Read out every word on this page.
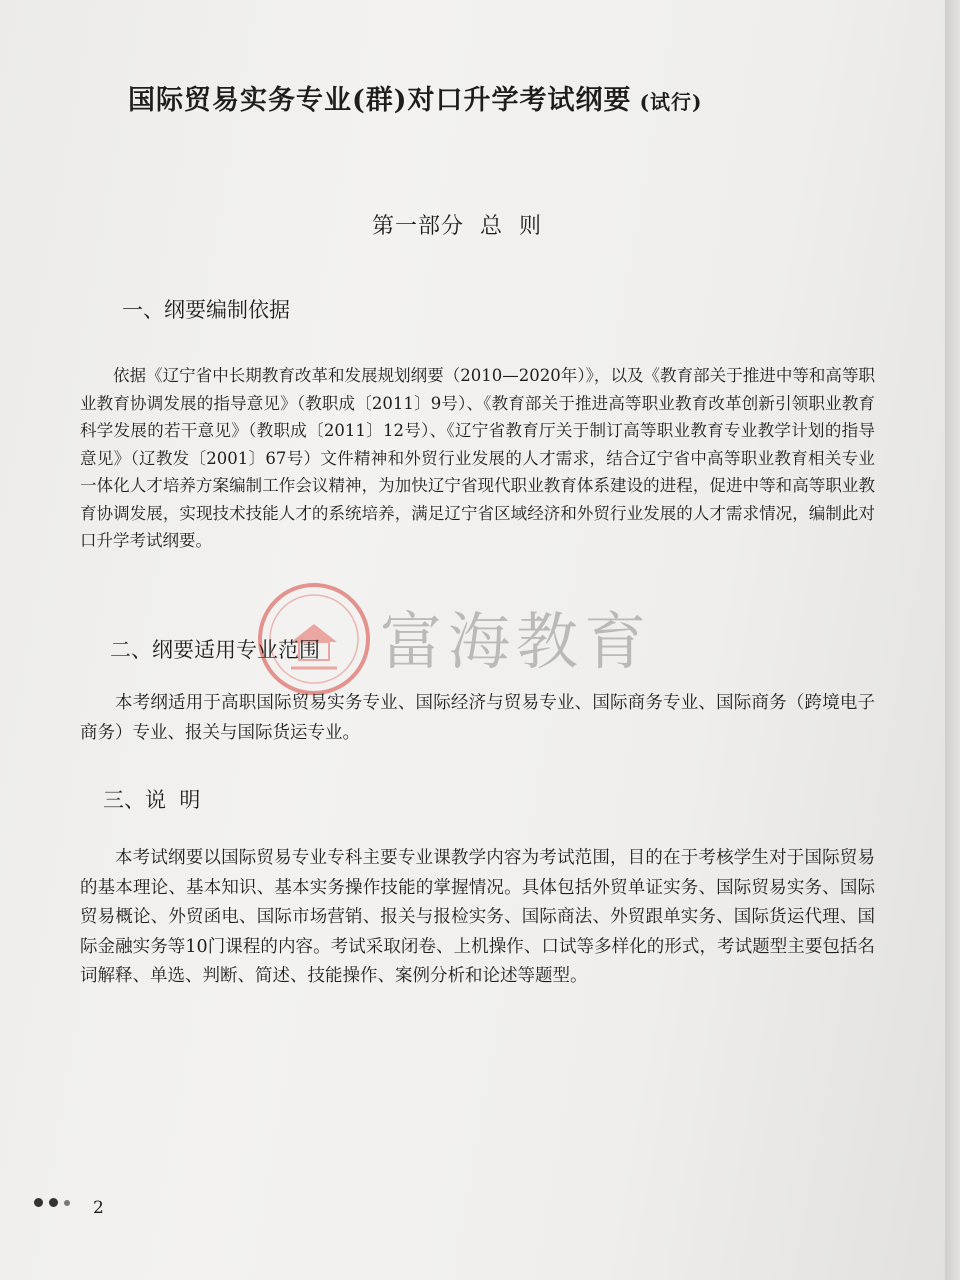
国际贸易实务专业(群)对口升学考试纲要 (试行)
第一部分  总  则
一、纲要编制依据
依据《辽宁省中长期教育改革和发展规划纲要（2010—2020年）》，以及《教育部关于推进中等和高等职业教育协调发展的指导意见》（教职成〔2011〕9号）、《教育部关于推进高等职业教育改革创新引领职业教育科学发展的若干意见》（教职成〔2011〕12号）、《辽宁省教育厅关于制订高等职业教育专业教学计划的指导意见》（辽教发〔2001〕67号）文件精神和外贸行业发展的人才需求，结合辽宁省中高等职业教育相关专业一体化人才培养方案编制工作会议精神，为加快辽宁省现代职业教育体系建设的进程，促进中等和高等职业教育协调发展，实现技术技能人才的系统培养，满足辽宁省区域经济和外贸行业发展的人才需求情况，编制此对口升学考试纲要。
富海教育
二、纲要适用专业范围
本考纲适用于高职国际贸易实务专业、国际经济与贸易专业、国际商务专业、国际商务（跨境电子商务）专业、报关与国际货运专业。
三、说  明
本考试纲要以国际贸易专业专科主要专业课教学内容为考试范围，目的在于考核学生对于国际贸易的基本理论、基本知识、基本实务操作技能的掌握情况。具体包括外贸单证实务、国际贸易实务、国际贸易概论、外贸函电、国际市场营销、报关与报检实务、国际商法、外贸跟单实务、国际货运代理、国际金融实务等10门课程的内容。考试采取闭卷、上机操作、口试等多样化的形式，考试题型主要包括名词解释、单选、判断、简述、技能操作、案例分析和论述等题型。
2
